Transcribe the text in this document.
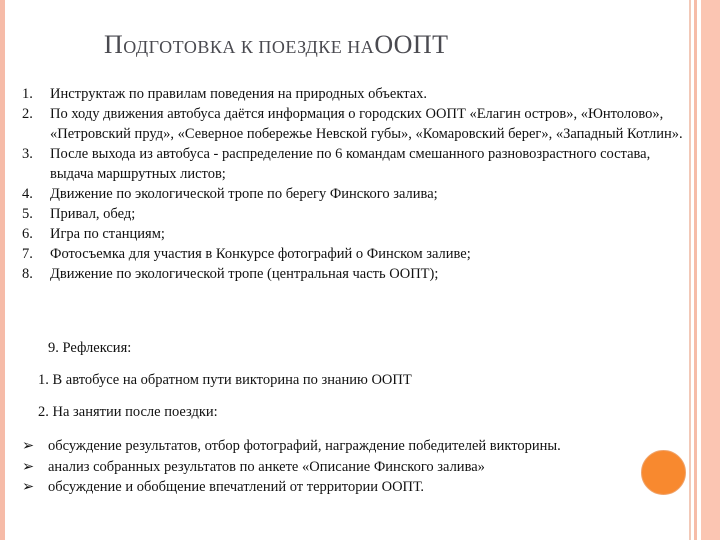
ПОДГОТОВКА К ПОЕЗДКЕ НАООПТ
1.	Инструктаж по правилам поведения на природных объектах.
2.	По ходу движения автобуса даётся информация о городских ООПТ «Елагин остров», «Юнтолово», «Петровский пруд», «Северное побережье Невской губы», «Комаровский берег», «Западный Котлин».
3.	После выхода из автобуса - распределение по 6 командам смешанного разновозрастного состава, выдача маршрутных листов;
4.	Движение по экологической тропе по берегу Финского залива;
5.	Привал, обед;
6.	Игра по станциям;
7.	Фотосъемка для участия в Конкурсе фотографий о Финском заливе;
8.	Движение по экологической тропе (центральная часть ООПТ);
9. Рефлексия:
1. В автобусе на обратном пути викторина по знанию ООПТ
2. На занятии после поездки:
➢ обсуждение результатов, отбор фотографий, награждение победителей викторины.
➢ анализ собранных результатов по анкете «Описание Финского залива»
➢ обсуждение и обобщение впечатлений от территории ООПТ.
